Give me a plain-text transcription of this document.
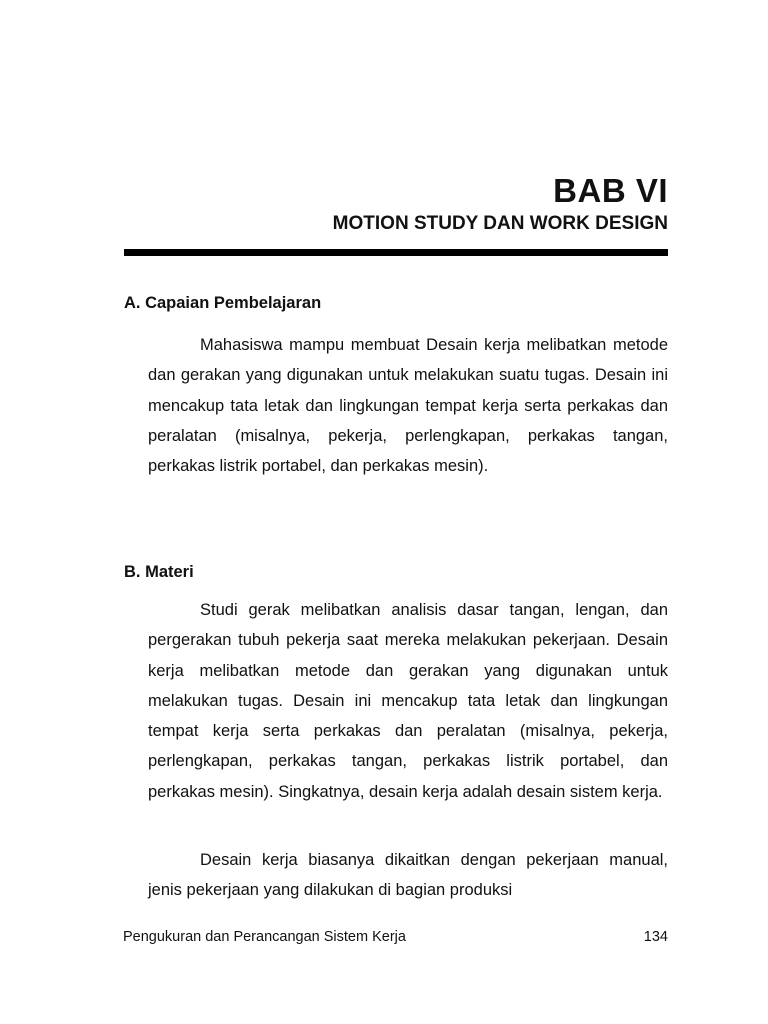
BAB VI
MOTION STUDY DAN WORK DESIGN
A. Capaian Pembelajaran

Mahasiswa mampu membuat Desain kerja melibatkan metode dan gerakan yang digunakan untuk melakukan suatu tugas. Desain ini mencakup tata letak dan lingkungan tempat kerja serta perkakas dan peralatan (misalnya, pekerja, perlengkapan, perkakas tangan, perkakas listrik portabel, dan perkakas mesin).

B. Materi

Studi gerak melibatkan analisis dasar tangan, lengan, dan pergerakan tubuh pekerja saat mereka melakukan pekerjaan. Desain kerja melibatkan metode dan gerakan yang digunakan untuk melakukan tugas. Desain ini mencakup tata letak dan lingkungan tempat kerja serta perkakas dan peralatan (misalnya, pekerja, perlengkapan, perkakas tangan, perkakas listrik portabel, dan perkakas mesin). Singkatnya, desain kerja adalah desain sistem kerja.

Desain kerja biasanya dikaitkan dengan pekerjaan manual, jenis pekerjaan yang dilakukan di bagian produksi

Pengukuran dan Perancangan Sistem Kerja	134
